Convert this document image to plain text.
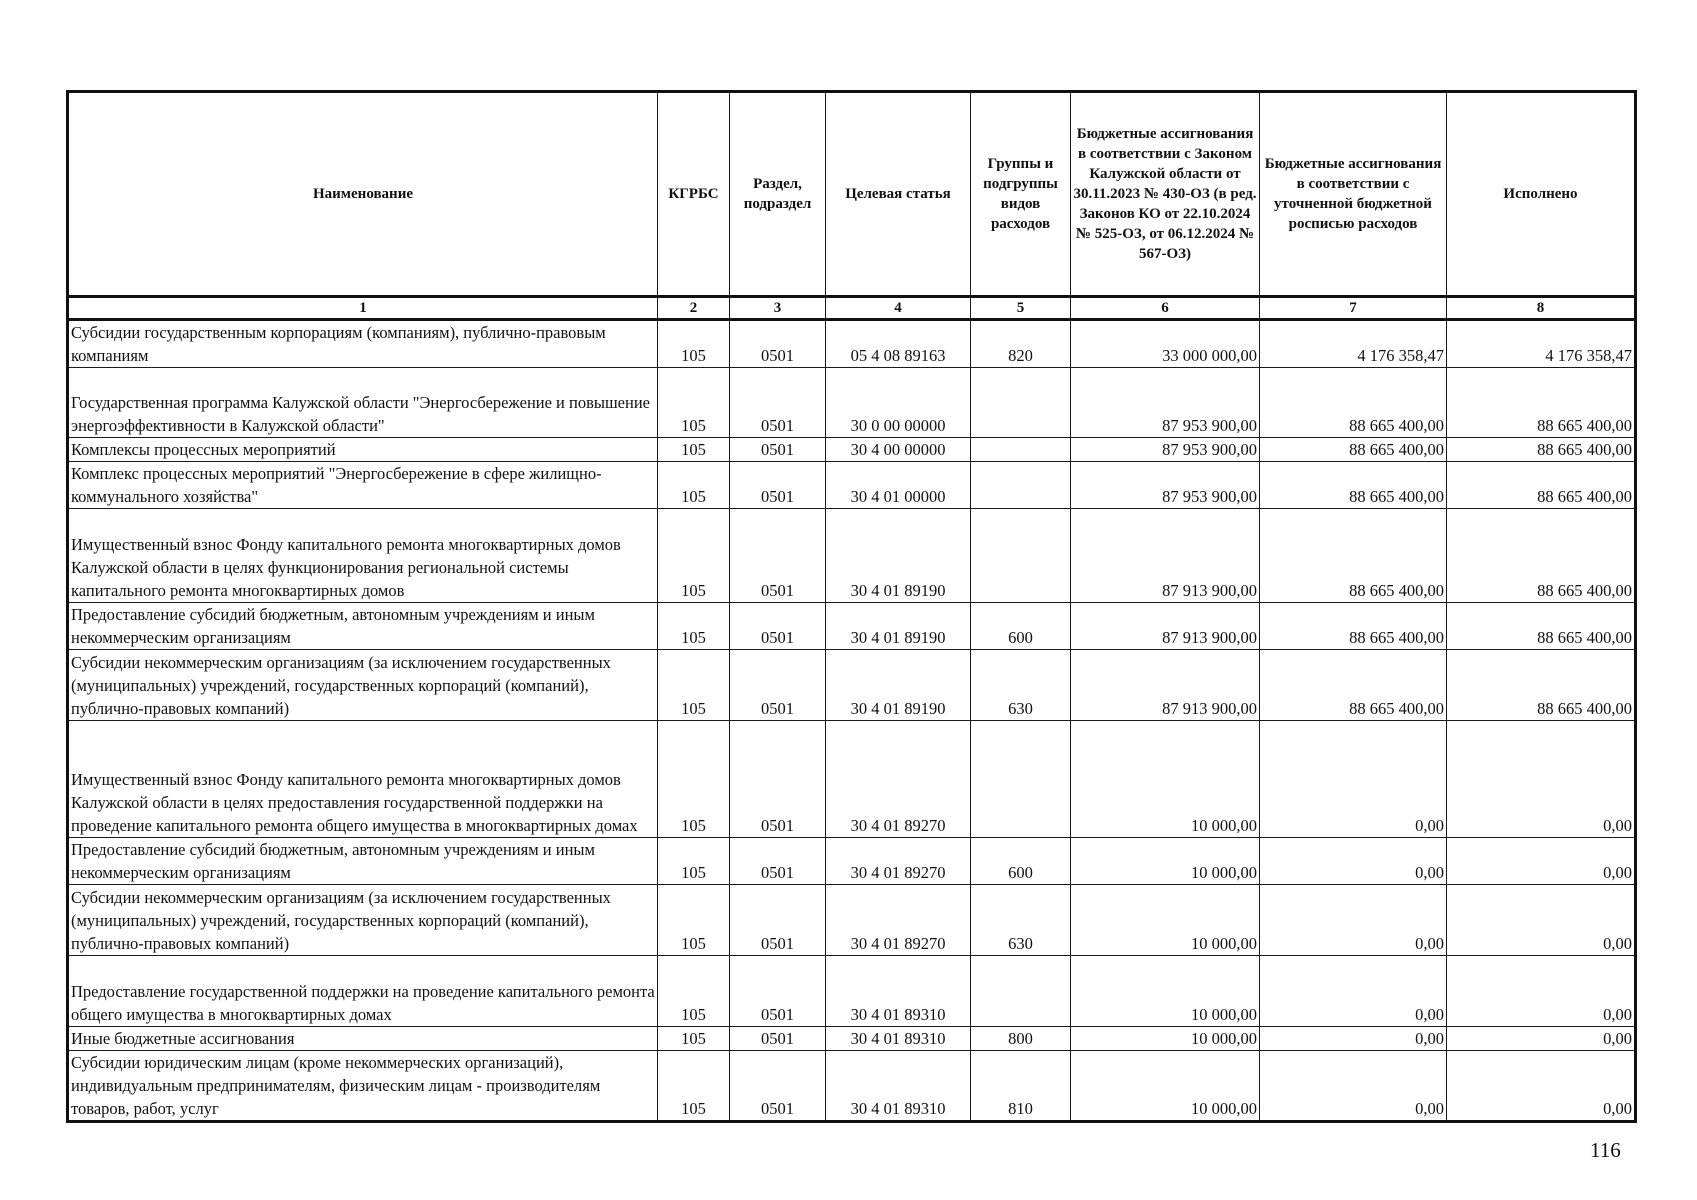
Наименование	КГРБС	Раздел, подраздел	Целевая статья	Группы и подгруппы видов расходов	Бюджетные ассигнования в соответствии с Законом Калужской области от 30.11.2023 № 430-ОЗ (в ред. Законов КО от 22.10.2024 № 525-ОЗ, от 06.12.2024 № 567-ОЗ)	Бюджетные ассигнования в соответствии с уточненной бюджетной росписью расходов	Исполнено
1	2	3	4	5	6	7	8
Субсидии государственным корпорациям (компаниям), публично-правовым компаниям	105	0501	05 4 08 89163	820	33 000 000,00	4 176 358,47	4 176 358,47
Государственная программа Калужской области "Энергосбережение и повышение энергоэффективности в Калужской области"	105	0501	30 0 00 00000		87 953 900,00	88 665 400,00	88 665 400,00
Комплексы процессных мероприятий	105	0501	30 4 00 00000		87 953 900,00	88 665 400,00	88 665 400,00
Комплекс процессных мероприятий "Энергосбережение в сфере жилищно-коммунального хозяйства"	105	0501	30 4 01 00000		87 953 900,00	88 665 400,00	88 665 400,00
Имущественный взнос Фонду капитального ремонта многоквартирных домов Калужской области в целях функционирования региональной системы капитального ремонта многоквартирных домов	105	0501	30 4 01 89190		87 913 900,00	88 665 400,00	88 665 400,00
Предоставление субсидий бюджетным, автономным учреждениям и иным некоммерческим организациям	105	0501	30 4 01 89190	600	87 913 900,00	88 665 400,00	88 665 400,00
Субсидии некоммерческим организациям (за исключением государственных (муниципальных) учреждений, государственных корпораций (компаний), публично-правовых компаний)	105	0501	30 4 01 89190	630	87 913 900,00	88 665 400,00	88 665 400,00
Имущественный взнос Фонду капитального ремонта многоквартирных домов Калужской области в целях предоставления государственной поддержки на проведение капитального ремонта общего имущества в многоквартирных домах	105	0501	30 4 01 89270		10 000,00	0,00	0,00
Предоставление субсидий бюджетным, автономным учреждениям и иным некоммерческим организациям	105	0501	30 4 01 89270	600	10 000,00	0,00	0,00
Субсидии некоммерческим организациям (за исключением государственных (муниципальных) учреждений, государственных корпораций (компаний), публично-правовых компаний)	105	0501	30 4 01 89270	630	10 000,00	0,00	0,00
Предоставление государственной поддержки на проведение капитального ремонта общего имущества в многоквартирных домах	105	0501	30 4 01 89310		10 000,00	0,00	0,00
Иные бюджетные ассигнования	105	0501	30 4 01 89310	800	10 000,00	0,00	0,00
Субсидии юридическим лицам (кроме некоммерческих организаций), индивидуальным предпринимателям, физическим лицам - производителям товаров, работ, услуг	105	0501	30 4 01 89310	810	10 000,00	0,00	0,00
116
